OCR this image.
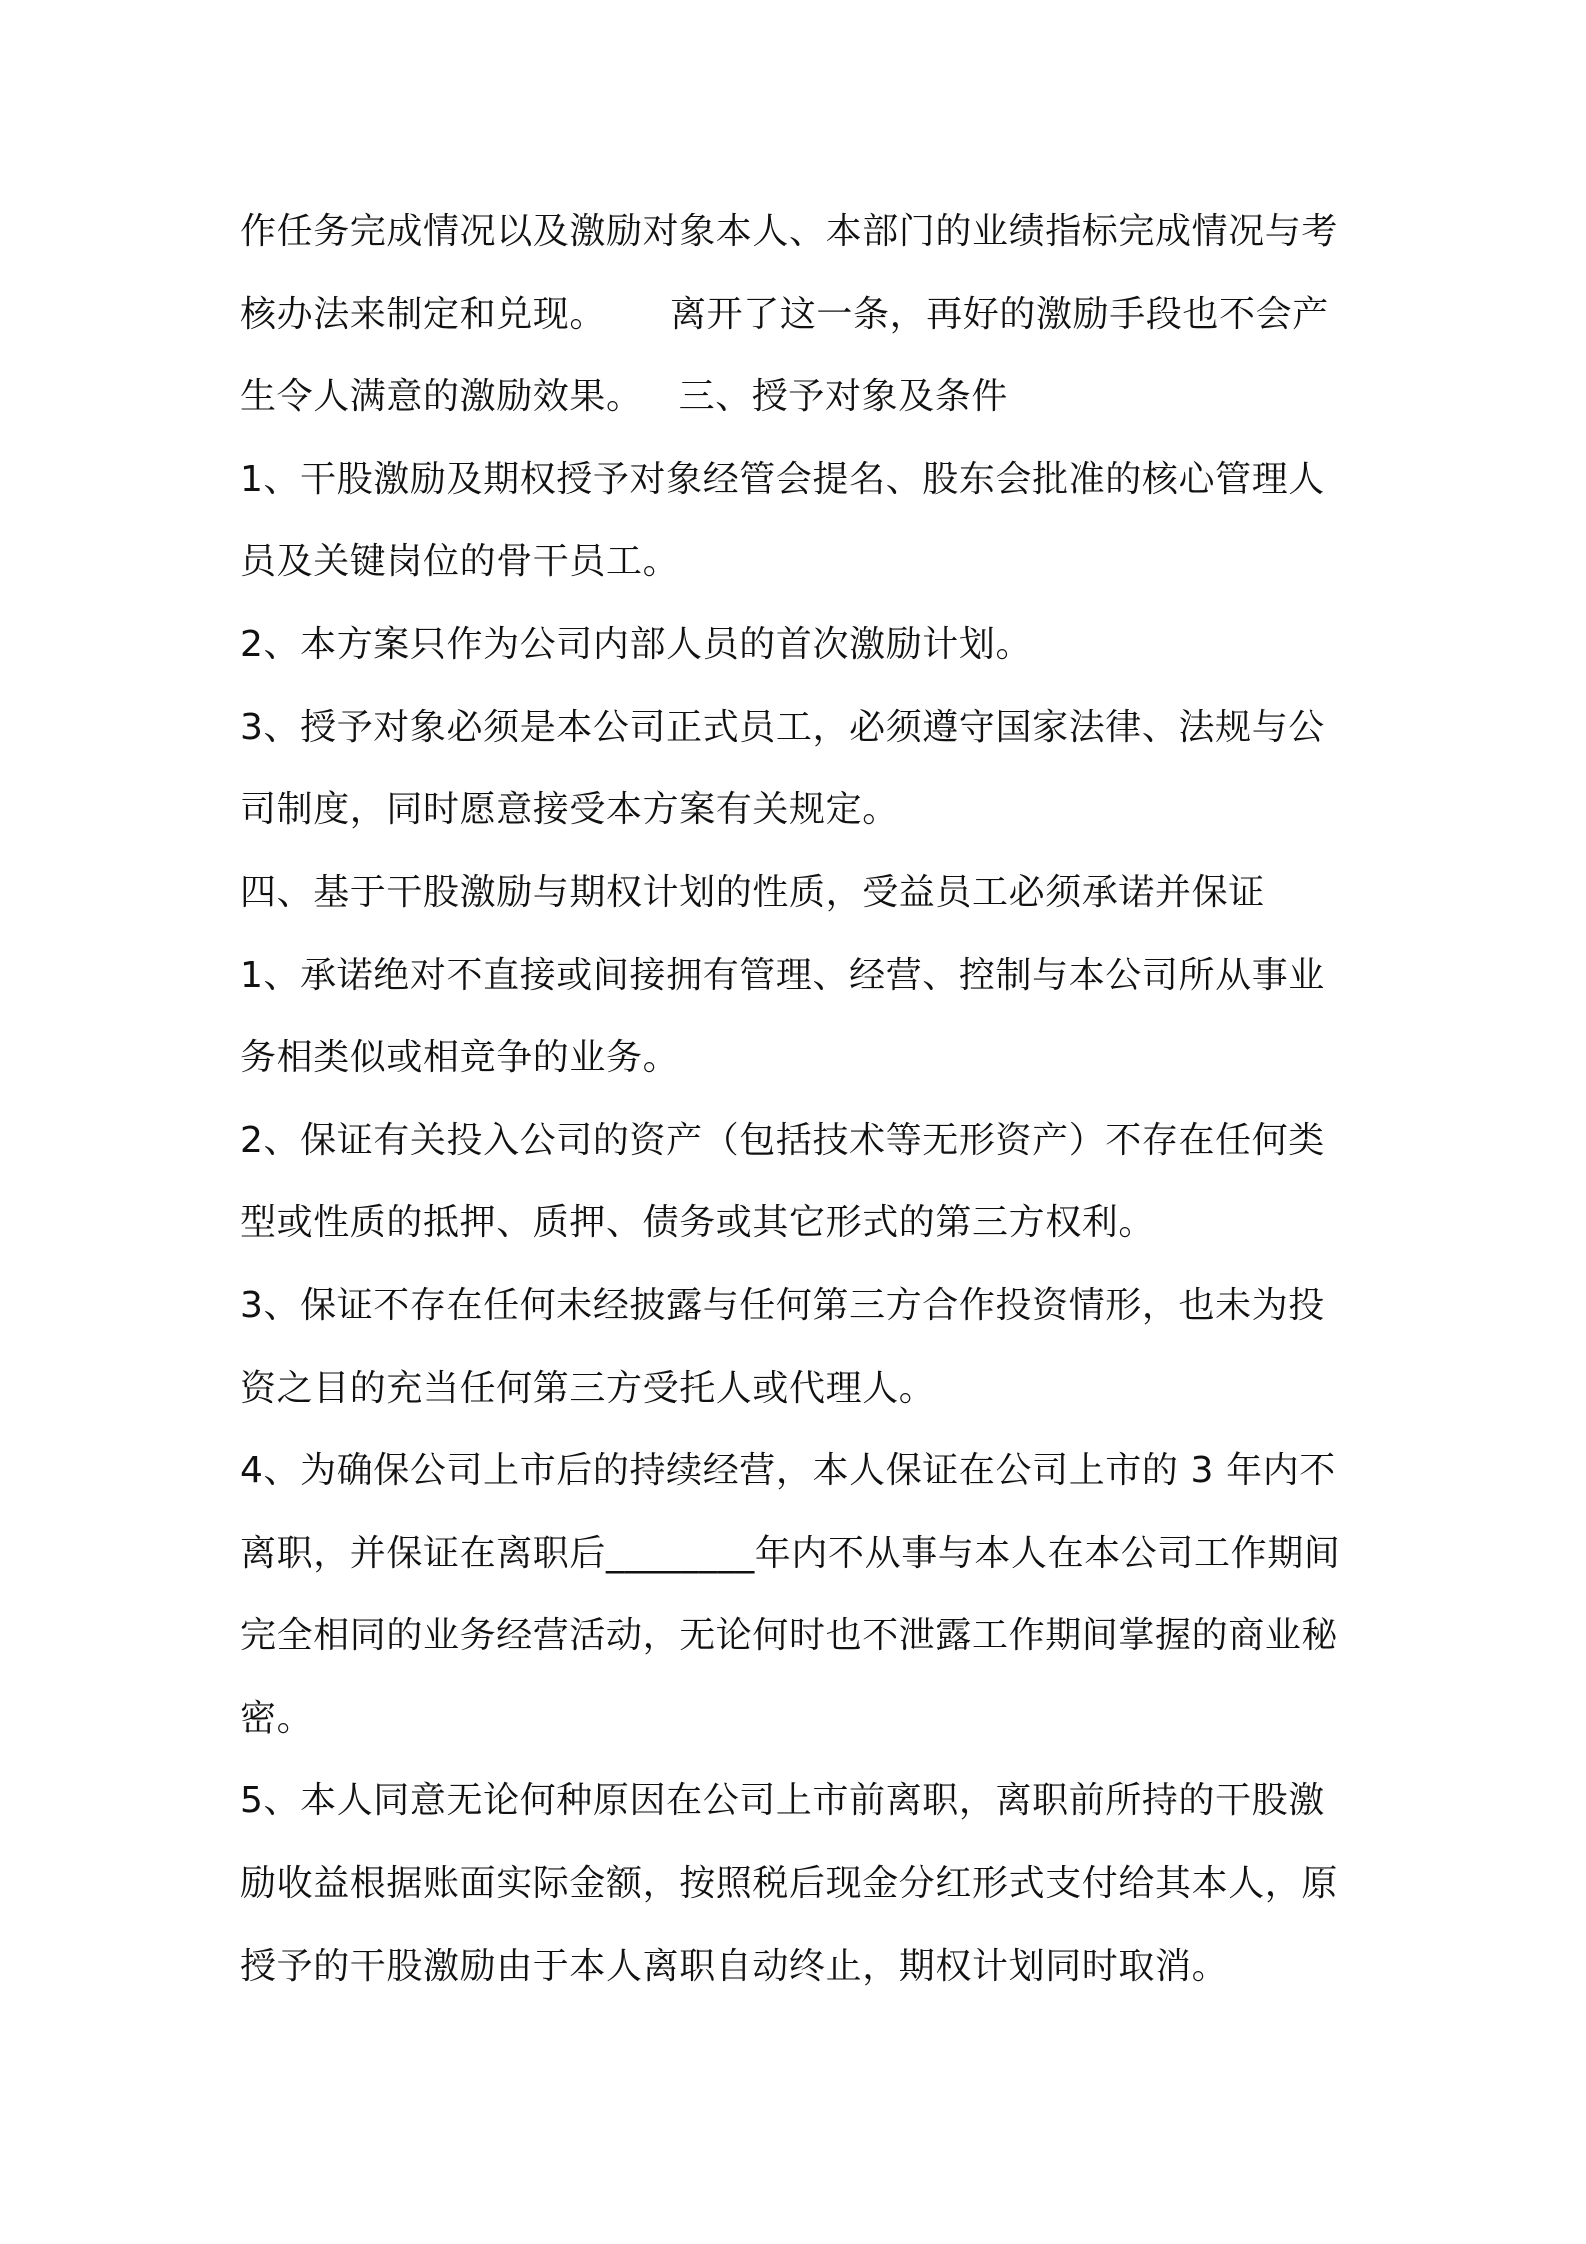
作任务完成情况以及激励对象本人、本部门的业绩指标完成情况与考
核办法来制定和兑现。 离开了这一条，再好的激励手段也不会产
生令人满意的激励效果。 三、授予对象及条件
1、干股激励及期权授予对象经管会提名、股东会批准的核心管理人
员及关键岗位的骨干员工。
2、本方案只作为公司内部人员的首次激励计划。
3、授予对象必须是本公司正式员工，必须遵守国家法律、法规与公
司制度，同时愿意接受本方案有关规定。
四、基于干股激励与期权计划的性质，受益员工必须承诺并保证
1、承诺绝对不直接或间接拥有管理、经营、控制与本公司所从事业
务相类似或相竞争的业务。
2、保证有关投入公司的资产（包括技术等无形资产）不存在任何类
型或性质的抵押、质押、债务或其它形式的第三方权利。
3、保证不存在任何未经披露与任何第三方合作投资情形，也未为投
资之目的充当任何第三方受托人或代理人。
4、为确保公司上市后的持续经营，本人保证在公司上市的 3 年内不
离职，并保证在离职后________年内不从事与本人在本公司工作期间
完全相同的业务经营活动，无论何时也不泄露工作期间掌握的商业秘
密。
5、本人同意无论何种原因在公司上市前离职，离职前所持的干股激
励收益根据账面实际金额，按照税后现金分红形式支付给其本人，原
授予的干股激励由于本人离职自动终止，期权计划同时取消。
